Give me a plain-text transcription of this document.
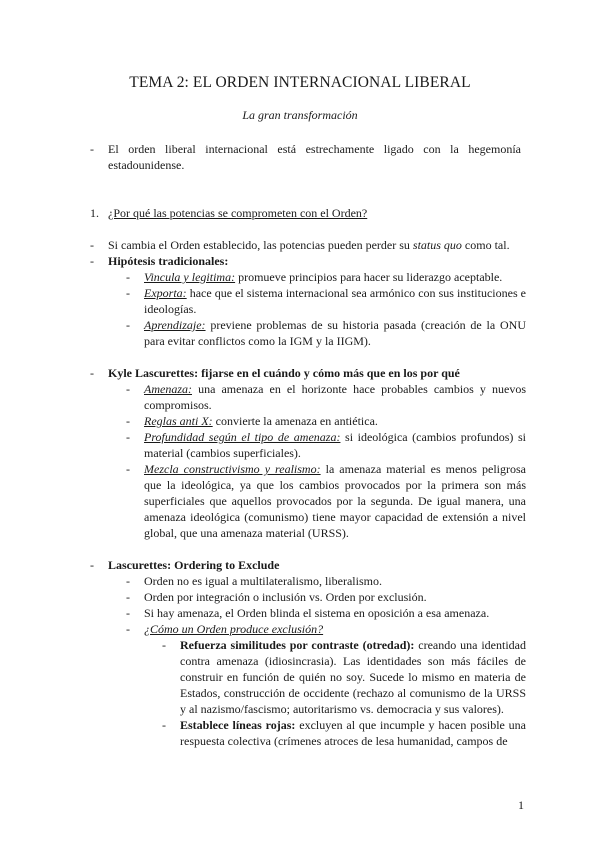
TEMA 2: EL ORDEN INTERNACIONAL LIBERAL
La gran transformación
- El orden liberal internacional está estrechamente ligado con la hegemonía estadounidense.
1. ¿Por qué las potencias se comprometen con el Orden?
- Si cambia el Orden establecido, las potencias pueden perder su status quo como tal.
- Hipótesis tradicionales:
- Vincula y legitima: promueve principios para hacer su liderazgo aceptable.
- Exporta: hace que el sistema internacional sea armónico con sus instituciones e ideologías.
- Aprendizaje: previene problemas de su historia pasada (creación de la ONU para evitar conflictos como la IGM y la IIGM).
- Kyle Lascurettes: fijarse en el cuándo y cómo más que en los por qué
- Amenaza: una amenaza en el horizonte hace probables cambios y nuevos compromisos.
- Reglas anti X: convierte la amenaza en antiética.
- Profundidad según el tipo de amenaza: si ideológica (cambios profundos) si material (cambios superficiales).
- Mezcla constructivismo y realismo: la amenaza material es menos peligrosa que la ideológica, ya que los cambios provocados por la primera son más superficiales que aquellos provocados por la segunda. De igual manera, una amenaza ideológica (comunismo) tiene mayor capacidad de extensión a nivel global, que una amenaza material (URSS).
- Lascurettes: Ordering to Exclude
- Orden no es igual a multilateralismo, liberalismo.
- Orden por integración o inclusión vs. Orden por exclusión.
- Si hay amenaza, el Orden blinda el sistema en oposición a esa amenaza.
- ¿Cómo un Orden produce exclusión?
- Refuerza similitudes por contraste (otredad): creando una identidad contra amenaza (idiosincrasia). Las identidades son más fáciles de construir en función de quién no soy. Sucede lo mismo en materia de Estados, construcción de occidente (rechazo al comunismo de la URSS y al nazismo/fascismo; autoritarismo vs. democracia y sus valores).
- Establece líneas rojas: excluyen al que incumple y hacen posible una respuesta colectiva (crímenes atroces de lesa humanidad, campos de
1
